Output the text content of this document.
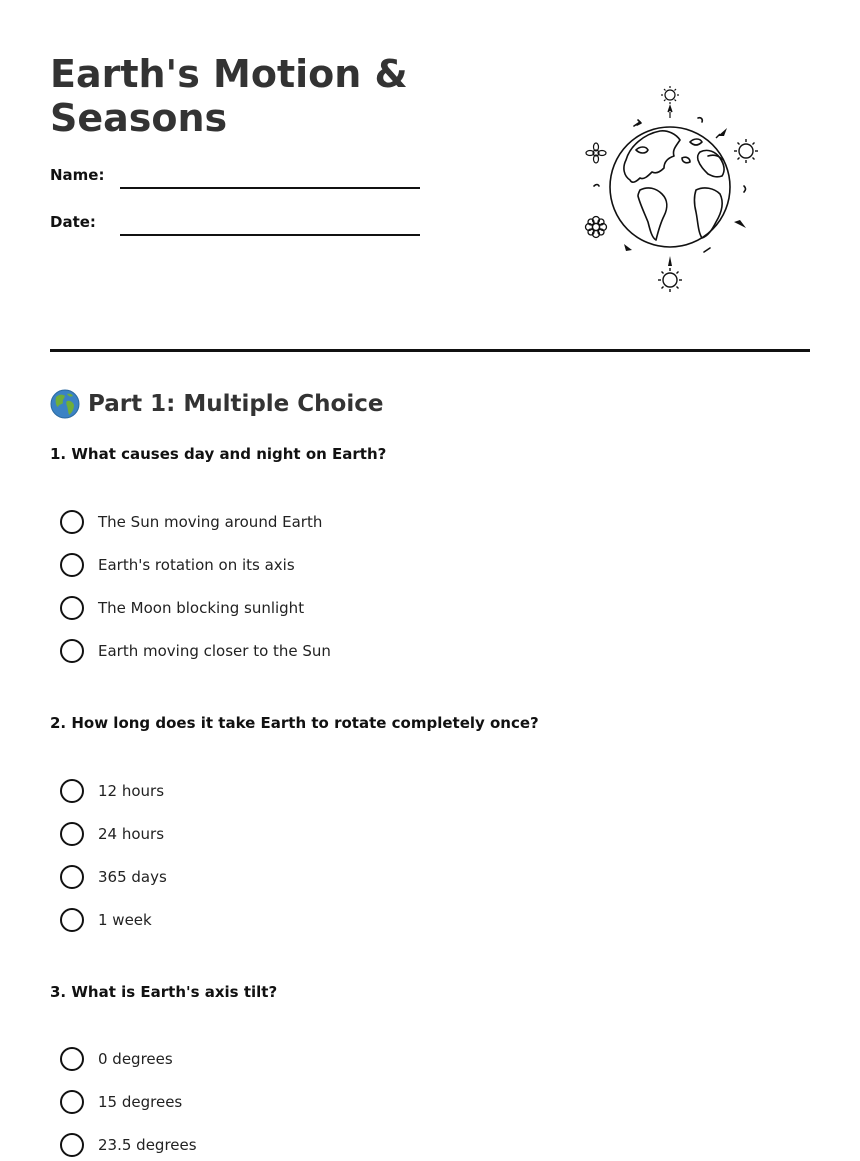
Earth's Motion &
Seasons
Name:
Date:
Part 1: Multiple Choice
1. What causes day and night on Earth?
The Sun moving around Earth
Earth's rotation on its axis
The Moon blocking sunlight
Earth moving closer to the Sun
2. How long does it take Earth to rotate completely once?
12 hours
24 hours
365 days
1 week
3. What is Earth's axis tilt?
0 degrees
15 degrees
23.5 degrees
